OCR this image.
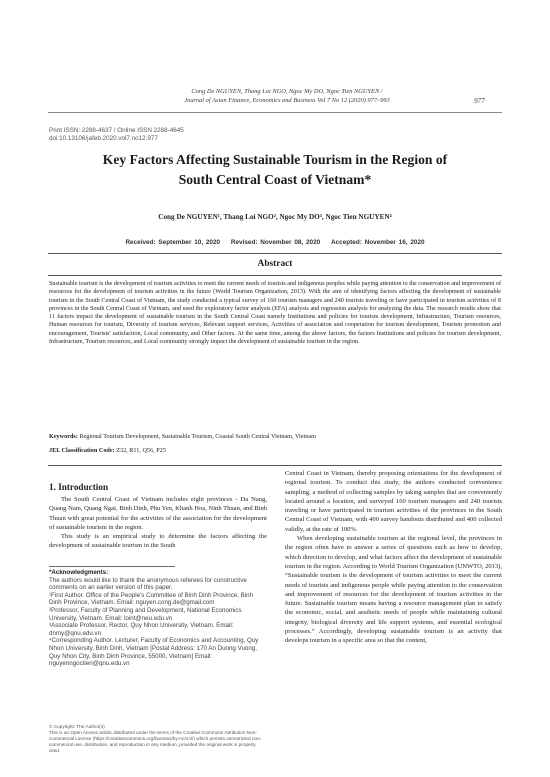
Cong De NGUYEN, Thang Loi NGO, Ngoc My DO, Ngoc Tien NGUYEN /
Journal of Asian Finance, Economics and Business Vol 7 No 12 (2020) 977–993	977
Print ISSN: 2288-4637 / Online ISSN 2288-4645
doi:10.13106/jafeb.2020.vol7.no12.977
Key Factors Affecting Sustainable Tourism in the Region of
South Central Coast of Vietnam*
Cong De NGUYEN¹, Thang Loi NGO², Ngoc My DO³, Ngoc Tien NGUYEN⁴
Received: September 10, 2020 Revised: November 08, 2020 Accepted: November 16, 2020
Abstract
Sustainable tourism is the development of tourism activities to meet the current needs of tourists and indigenous peoples while paying attention to the conservation and improvement of resources for the development of tourism activities in the future (World Tourism Organization, 2013). With the aim of identifying factors affecting the development of sustainable tourism in the South Central Coast of Vietnam, the study conducted a typical survey of 160 tourism managers and 240 tourists traveling or have participated in tourism activities of 8 provinces in the South Central Coast of Vietnam, and used the exploratory factor analysis (EFA) analysis and regression analysis for analyzing the data. The research results show that 11 factors impact the development of sustainable tourism in the South Central Coast namely Institutions and policies for tourism development, Infrastructure, Tourism resources, Human resources for tourism, Diversity of tourism services, Relevant support services, Activities of association and cooperation for tourism development, Tourism promotion and encouragement, Tourists' satisfaction, Local community, and Other factors. At the same time, among the above factors, the factors Institutions and policies for tourism development, Infrastructure, Tourism resources, and Local community strongly impact the development of sustainable tourism in the region.
Keywords: Regional Tourism Development, Sustainable Tourism, Coastal South Central Vietnam, Vietnam
JEL Classification Code: Z32, R11, Q56, P25
1. Introduction

The South Central Coast of Vietnam includes eight provinces - Da Nang, Quang Nam, Quang Ngai, Binh Dinh, Phu Yen, Khanh Hoa, Ninh Thuan, and Binh Thuan with great potential for the activities of the association for the development of sustainable tourism in the region.

This study is an empirical study to determine the factors affecting the development of sustainable tourism in the South

*Acknowledgments:
The authors would like to thank the anonymous referees for constructive comments on an earlier version of this paper.
¹First Author. Office of the People’s Committee of Binh Dinh Province, Binh Dinh Province, Vietnam. Email: nguyen.cong.de@gmail.com
²Professor, Faculty of Planning and Development, National Economics University, Vietnam. Email: loint@neu.edu.vn
³Associate Professor, Rector, Quy Nhon University, Vietnam. Email: dnmy@qnu.edu.vn
⁴Corresponding Author. Lecturer, Faculty of Economics and Accounting, Quy Nhon University, Binh Dinh, Vietnam [Postal Address: 170 An Duong Vuong, Quy Nhon City, Binh Dinh Province, 55000, Vietnam] Email: nguyenngoctien@qnu.edu.vn
© Copyright: The Author(s)
This is an Open Access article distributed under the terms of the Creative Commons Attribution Non-Commercial License (https://creativecommons.org/licenses/by-nc/4.0/) which permits unrestricted non-commercial use, distribution, and reproduction in any medium, provided the original work is properly cited.

Central Coast in Vietnam, thereby proposing orientations for the development of regional tourism. To conduct this study, the authors conducted convenience sampling, a method of collecting samples by taking samples that are conveniently located around a location, and surveyed 160 tourism managers and 240 tourists traveling or have participated in tourism activities of the provinces in the South Central Coast of Vietnam, with 400 survey handouts distributed and 400 collected validly, at the rate of 100%.

When developing sustainable tourism at the regional level, the provinces in the region often have to answer a series of questions such as how to develop, which direction to develop, and what factors affect the development of sustainable tourism in the region. According to World Tourism Organization (UNWTO, 2013), “Sustainable tourism is the development of tourism activities to meet the current needs of tourists and indigenous people while paying attention to the conservation and improvement of resources for the development of tourism activities in the future. Sustainable tourism means having a resource management plan to satisfy the economic, social, and aesthetic needs of people while maintaining cultural integrity, biological diversity and life support systems, and essential ecological processes.” Accordingly, developing sustainable tourism is an activity that develops tourism in a specific area so that the content,
